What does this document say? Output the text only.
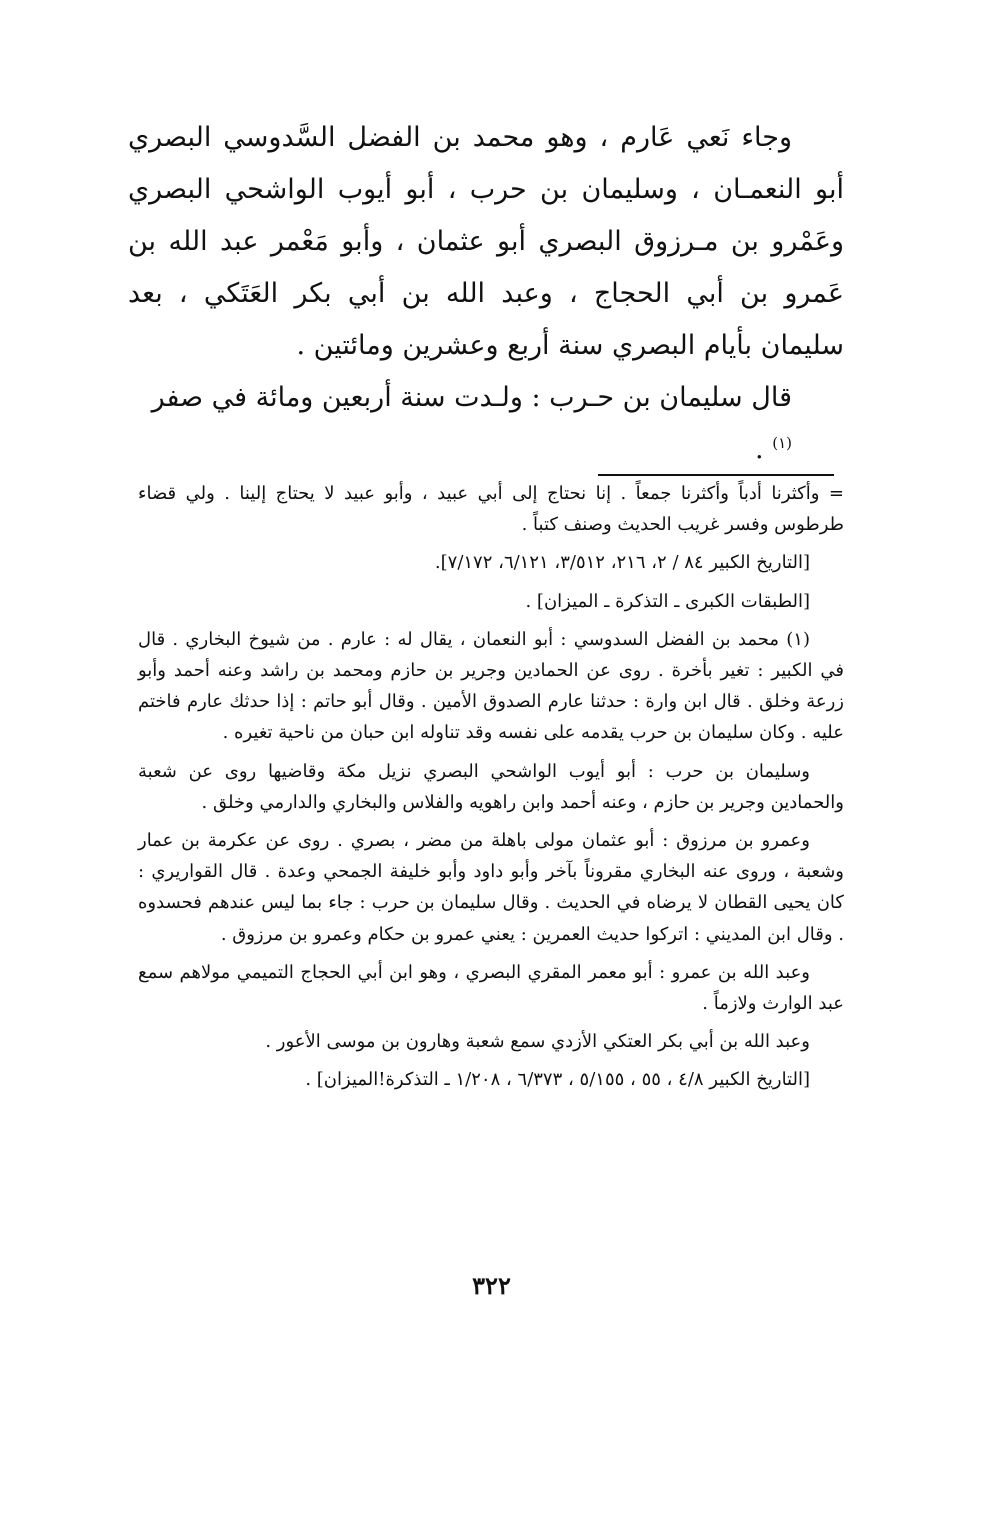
وجاء نَعي عَارم ، وهو محمد بن الفضل السَّدوسي البصري أبو النعمـان ، وسليمان بن حرب ، أبو أيوب الواشحي البصري وعَمْرو بن مـرزوق البصري أبو عثمان ، وأبو مَعْمر عبد الله بن عَمرو بن أبي الحجاج ، وعبد الله بن أبي بكر العَتَكي ، بعد سليمان بأيام البصري سنة أربع وعشرين ومائتين .

قال سليمان بن حـرب : ولـدت سنة أربعين ومائة في صفر $^{(١)}$ .

= وأكثرنا أدباً وأكثرنا جمعاً . إنا نحتاج إلى أبي عبيد ، وأبو عبيد لا يحتاج إلينا . ولي قضاء طرطوس وفسر غريب الحديث وصنف كتباً .

[التاريخ الكبير ٨٤ / ٢، ٢١٦، ٣/٥١٢، ٦/١٢١، ٧/١٧٢].

[الطبقات الكبرى ـ التذكرة ـ الميزان] .

(١) محمد بن الفضل السدوسي : أبو النعمان ، يقال له : عارم . من شيوخ البخاري . قال في الكبير : تغير بأخرة . روى عن الحمادين وجرير بن حازم ومحمد بن راشد وعنه أحمد وأبو زرعة وخلق . قال ابن وارة : حدثنا عارم الصدوق الأمين . وقال أبو حاتم : إذا حدثك عارم فاختم عليه . وكان سليمان بن حرب يقدمه على نفسه وقد تناوله ابن حبان من ناحية تغيره .

وسليمان بن حرب : أبو أيوب الواشحي البصري نزيل مكة وقاضيها روى عن شعبة والحمادين وجرير بن حازم ، وعنه أحمد وابن راهويه والفلاس والبخاري والدارمي وخلق .

وعمرو بن مرزوق : أبو عثمان مولى باهلة من مضر ، بصري . روى عن عكرمة بن عمار وشعبة ، وروى عنه البخاري مقروناً بآخر وأبو داود وأبو خليفة الجمحي وعدة . قال القواريري : كان يحيى القطان لا يرضاه في الحديث . وقال سليمان بن حرب : جاء بما ليس عندهم فحسدوه . وقال ابن المديني : اتركوا حديث العمرين : يعني عمرو بن حكام وعمرو بن مرزوق .

وعبد الله بن عمرو : أبو معمر المقري البصري ، وهو ابن أبي الحجاج التميمي مولاهم سمع عبد الوارث ولازماً .

وعبد الله بن أبي بكر العتكي الأزدي سمع شعبة وهارون بن موسى الأعور .

[التاريخ الكبير ٤/٨ ، ٥٥ ، ٥/١٥٥ ، ٦/٣٧٣ ، ١/٢٠٨ ـ التذكرة!الميزان] .

٣٢٢
